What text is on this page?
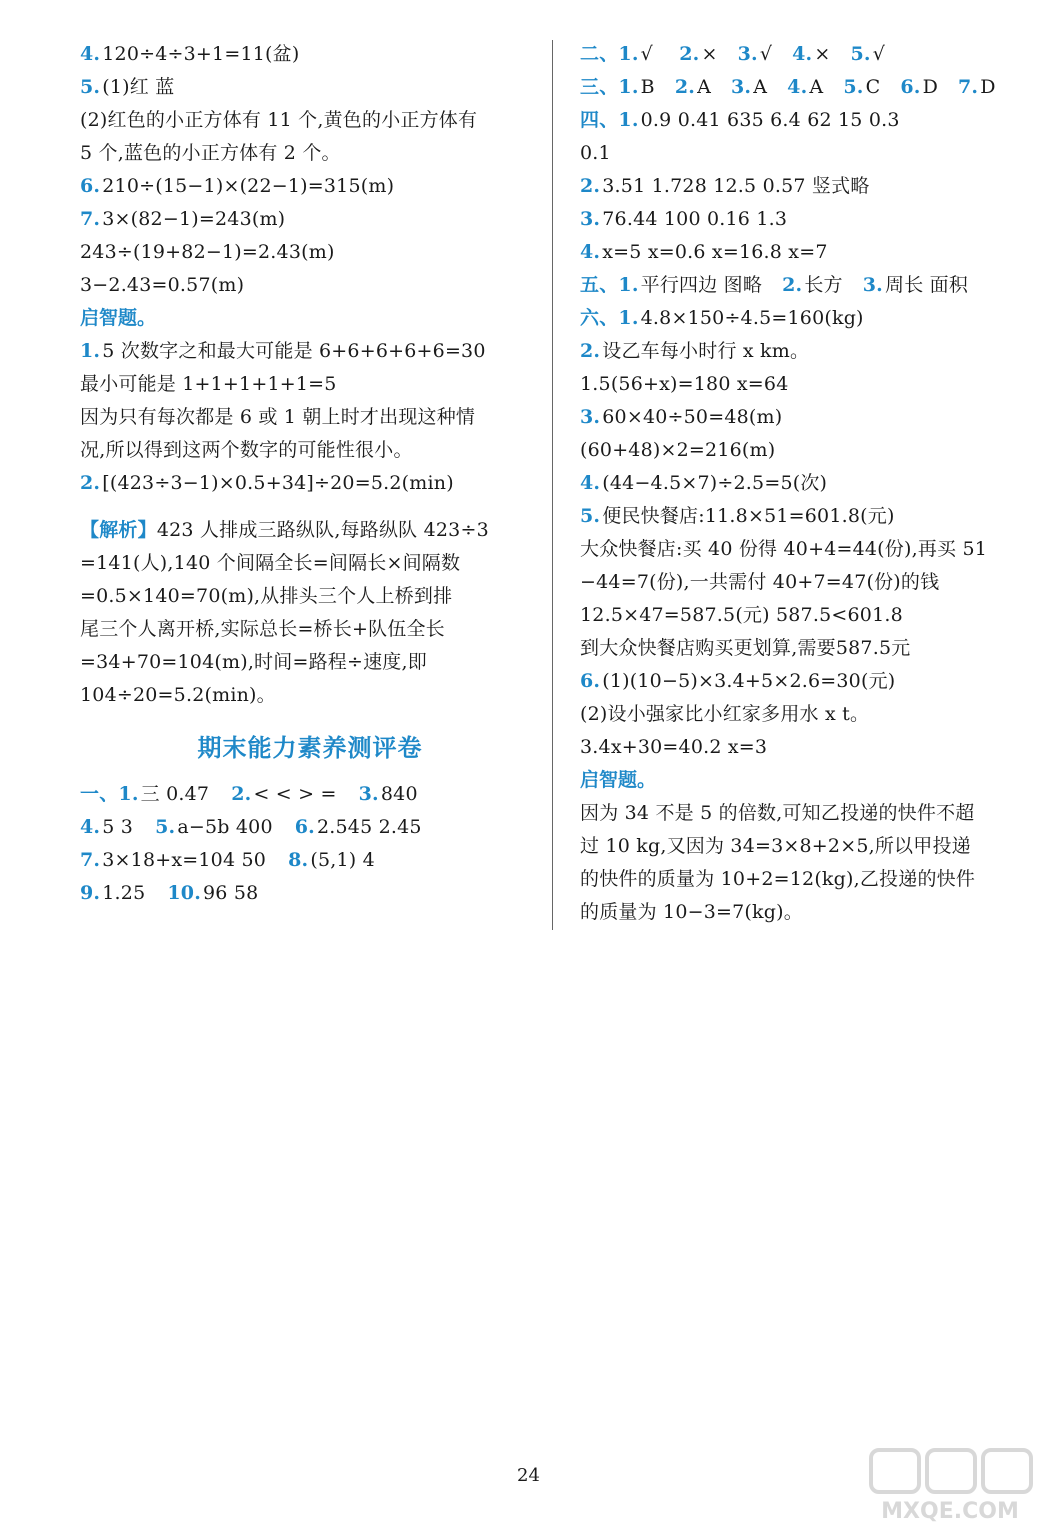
4. 120÷4÷3+1=11(盆)
5. (1)红 蓝
(2)红色的小正方体有 11 个,黄色的小正方体有
5 个,蓝色的小正方体有 2 个。
6. 210÷(15−1)×(22−1)=315(m)
7. 3×(82−1)=243(m)
243÷(19+82−1)=2.43(m)
3−2.43=0.57(m)
启智题。
1. 5 次数字之和最大可能是 6+6+6+6+6=30
最小可能是 1+1+1+1+1=5
因为只有每次都是 6 或 1 朝上时才出现这种情
况,所以得到这两个数字的可能性很小。
2. [(423÷3−1)×0.5+34]÷20=5.2(min)
【解析】423 人排成三路纵队,每路纵队 423÷3
=141(人),140 个间隔全长=间隔长×间隔数
=0.5×140=70(m),从排头三个人上桥到排
尾三个人离开桥,实际总长=桥长+队伍全长
=34+70=104(m),时间=路程÷速度,即
104÷20=5.2(min)。
期末能力素养测评卷
一、1. 三 0.47 2. < < > = 3. 840
4. 5 3 5. a−5b 400 6. 2.545 2.45
7. 3×18+x=104 50 8. (5,1) 4
9. 1.25 10. 96 58
二、1. √ 2. × 3. √ 4. × 5. √
三、1. B 2. A 3. A 4. A 5. C 6. D 7. D
四、1. 0.9 0.41 635 6.4 62 15 0.3
0.1
2. 3.51 1.728 12.5 0.57 竖式略
3. 76.44 100 0.16 1.3
4. x=5 x=0.6 x=16.8 x=7
五、1. 平行四边 图略 2. 长方 3. 周长 面积
六、1. 4.8×150÷4.5=160(kg)
2. 设乙车每小时行 x km。
1.5(56+x)=180 x=64
3. 60×40÷50=48(m)
(60+48)×2=216(m)
4. (44−4.5×7)÷2.5=5(次)
5. 便民快餐店:11.8×51=601.8(元)
大众快餐店:买 40 份得 40+4=44(份),再买 51
−44=7(份),一共需付 40+7=47(份)的钱
12.5×47=587.5(元) 587.5<601.8
到大众快餐店购买更划算,需要587.5元
6. (1)(10−5)×3.4+5×2.6=30(元)
(2)设小强家比小红家多用水 x t。
3.4x+30=40.2 x=3
启智题。
因为 34 不是 5 的倍数,可知乙投递的快件不超
过 10 kg,又因为 34=3×8+2×5,所以甲投递
的快件的质量为 10+2=12(kg),乙投递的快件
的质量为 10−3=7(kg)。
24
MXQE.COM
